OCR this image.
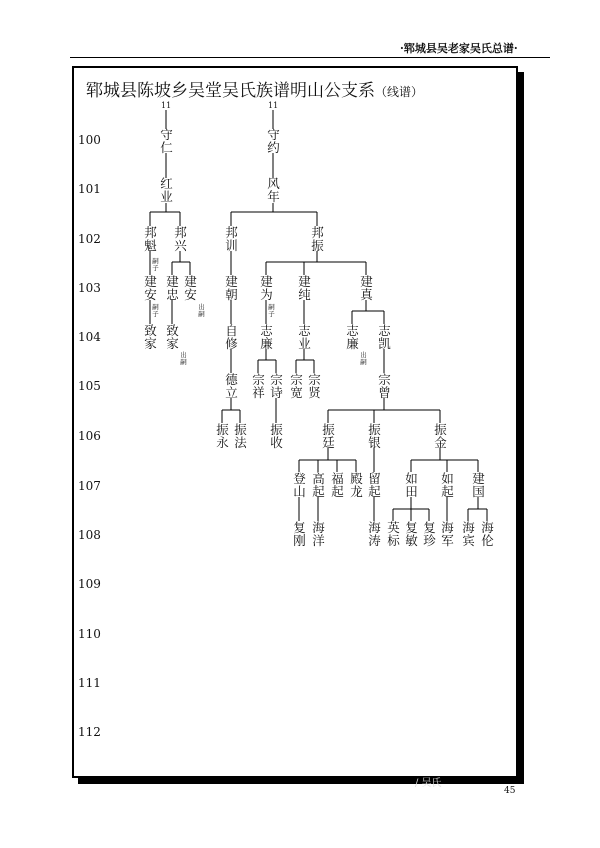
·郓城县吴老家吴氏总谱·
郓城县陈坡乡吴堂吴氏族谱明山公支系（线谱）
100
101
102
103
104
105
106
107
108
109
110
111
112
11	11
守仁
守约
红业
风年
邦魁
邦兴
邦训
邦振
建安
建忠
建安
建朝
建为
建纯
建真
致家
致家
自修
志廉
志业
志廉
志凯
德立
宗祥
宗诗
宗宽
宗贤
宗曾
振永
振法
振收
振廷
振银
振金
登山
高起
福起
殿龙
留起
如田
如起
建国
复刚
海洋
海涛
英标
复敏
复珍
海军
海宾
海伦
嗣子
嗣子
嗣子
出嗣
出嗣
出嗣
/ 吴氏
45
